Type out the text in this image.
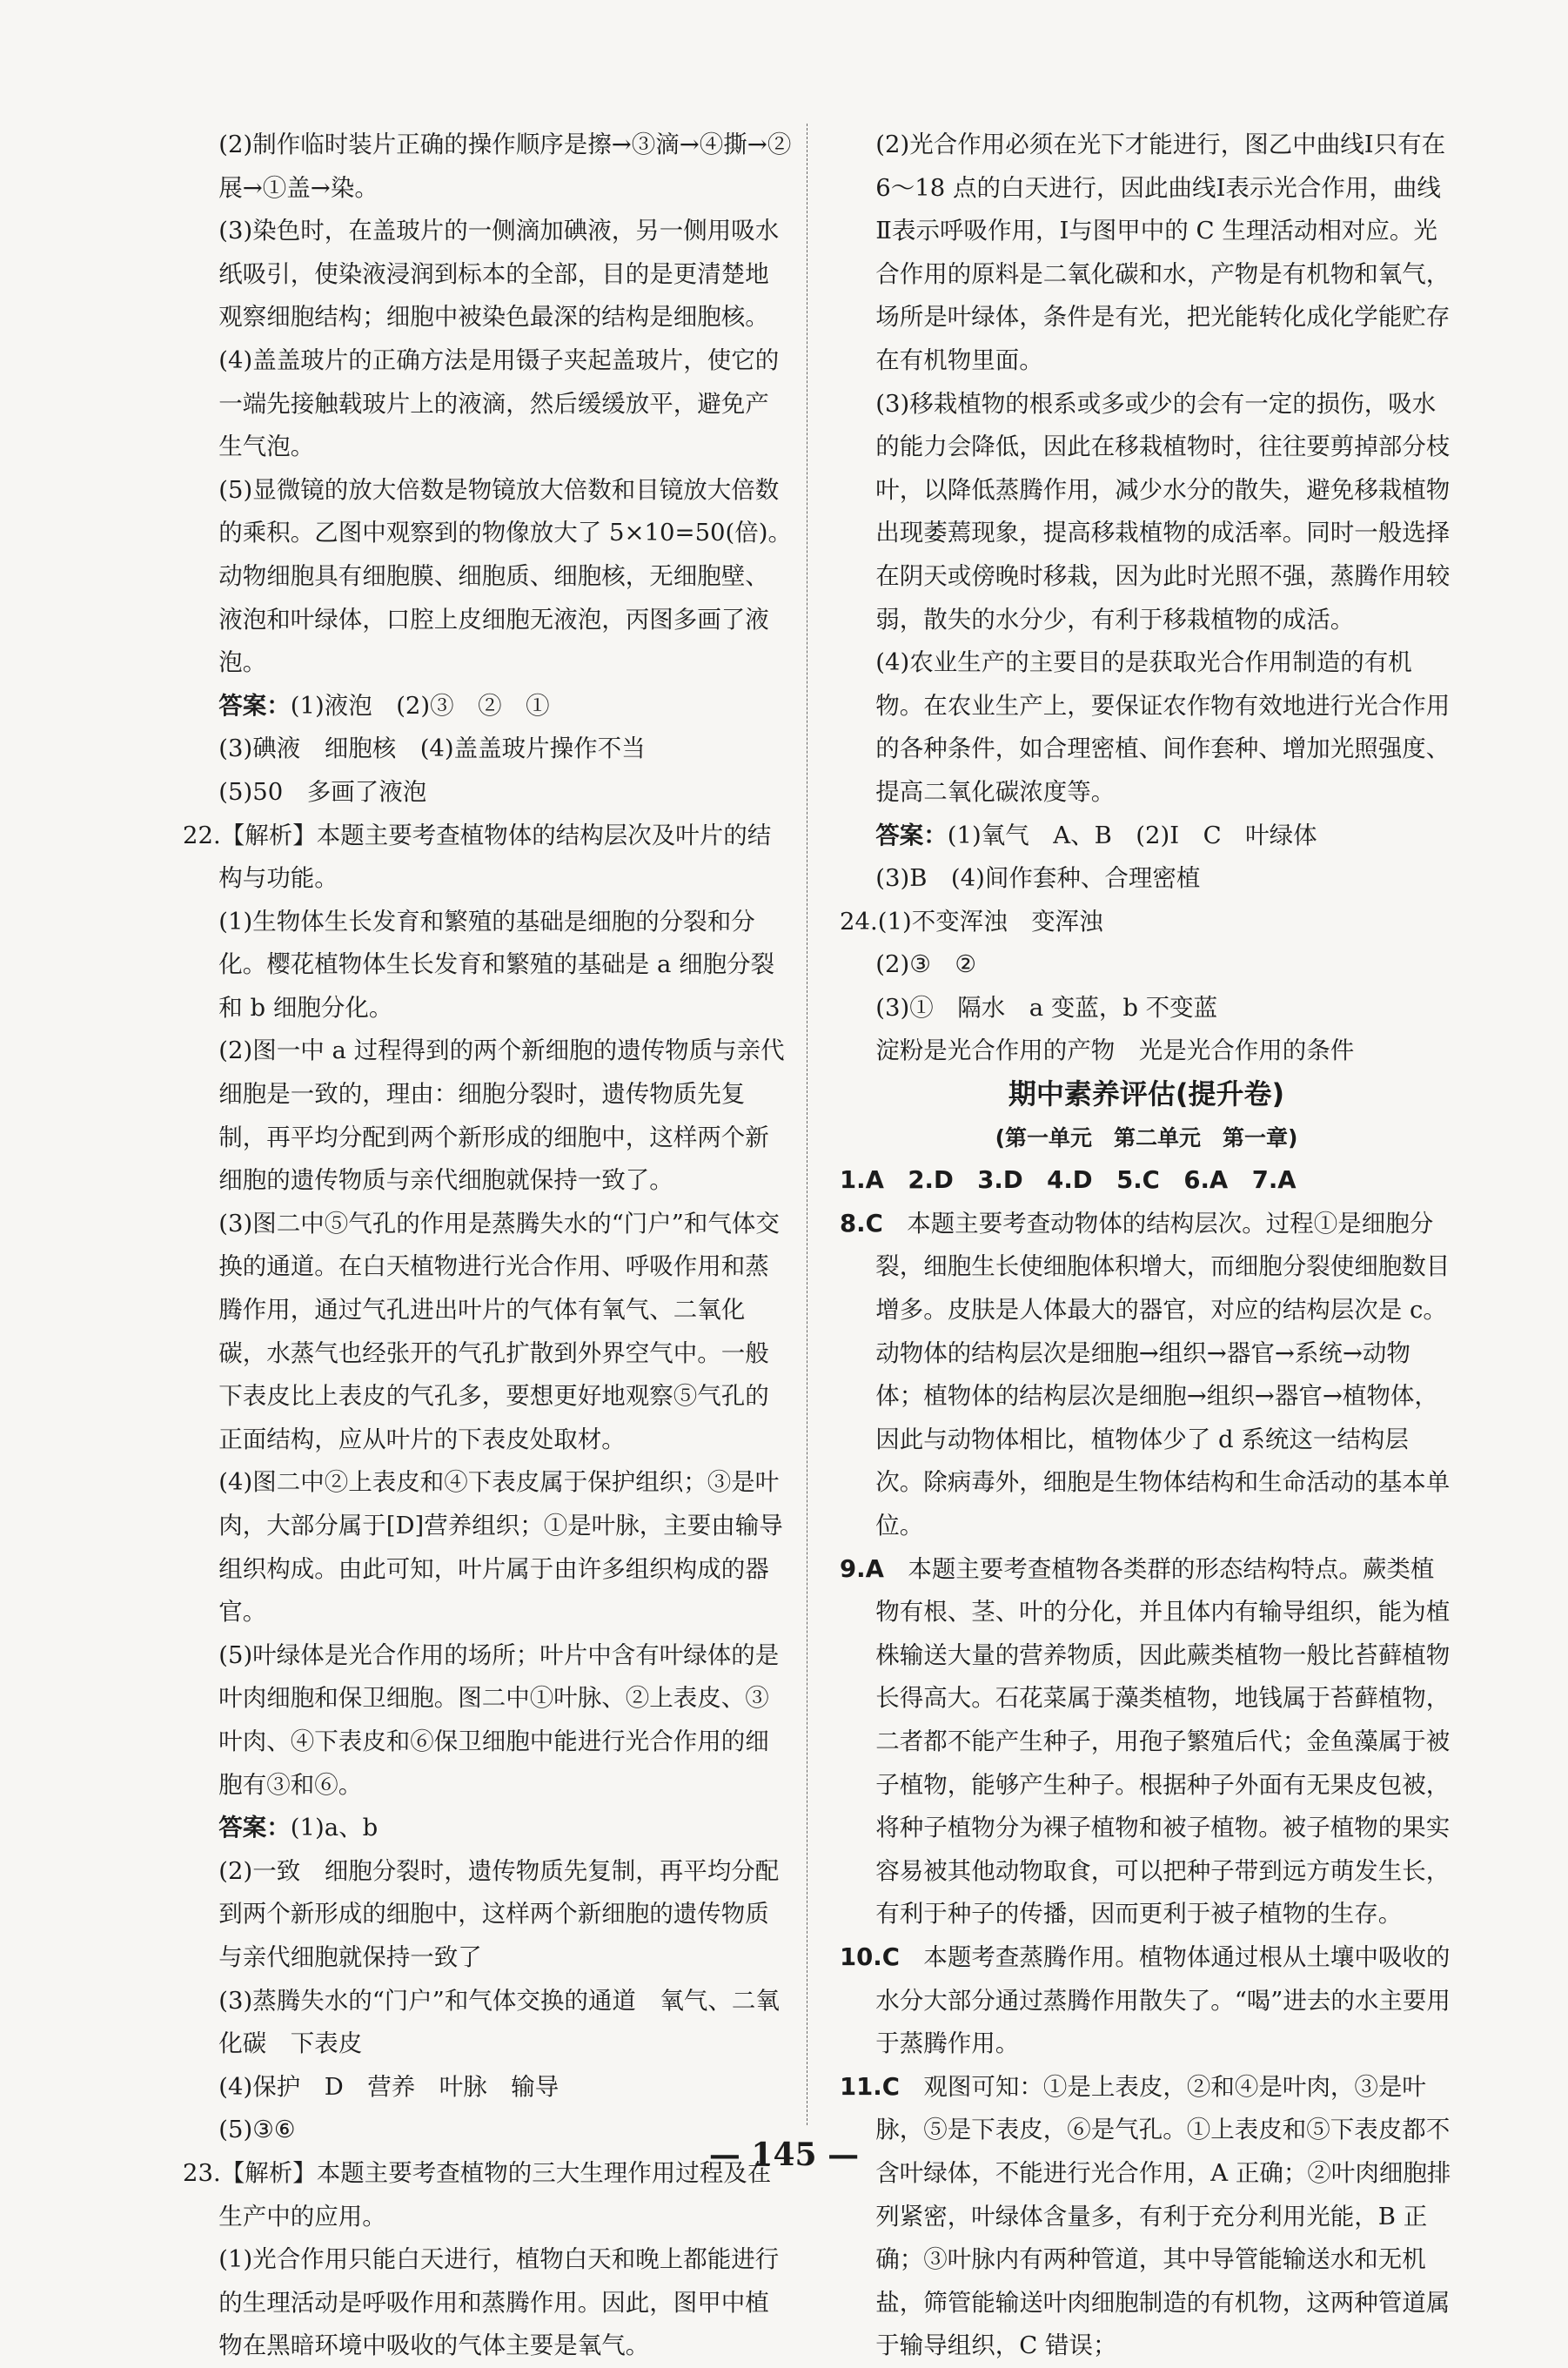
(2)制作临时装片正确的操作顺序是擦→③滴→④撕→②展→①盖→染。

(3)染色时，在盖玻片的一侧滴加碘液，另一侧用吸水纸吸引，使染液浸润到标本的全部，目的是更清楚地观察细胞结构；细胞中被染色最深的结构是细胞核。

(4)盖盖玻片的正确方法是用镊子夹起盖玻片，使它的一端先接触载玻片上的液滴，然后缓缓放平，避免产生气泡。

(5)显微镜的放大倍数是物镜放大倍数和目镜放大倍数的乘积。乙图中观察到的物像放大了 5×10=50(倍)。动物细胞具有细胞膜、细胞质、细胞核，无细胞壁、液泡和叶绿体，口腔上皮细胞无液泡，丙图多画了液泡。

答案：(1)液泡　(2)③　②　①

(3)碘液　细胞核　(4)盖盖玻片操作不当

(5)50　多画了液泡

22.【解析】本题主要考查植物体的结构层次及叶片的结构与功能。

(1)生物体生长发育和繁殖的基础是细胞的分裂和分化。樱花植物体生长发育和繁殖的基础是 a 细胞分裂和 b 细胞分化。

(2)图一中 a 过程得到的两个新细胞的遗传物质与亲代细胞是一致的，理由：细胞分裂时，遗传物质先复制，再平均分配到两个新形成的细胞中，这样两个新细胞的遗传物质与亲代细胞就保持一致了。

(3)图二中⑤气孔的作用是蒸腾失水的“门户”和气体交换的通道。在白天植物进行光合作用、呼吸作用和蒸腾作用，通过气孔进出叶片的气体有氧气、二氧化碳，水蒸气也经张开的气孔扩散到外界空气中。一般下表皮比上表皮的气孔多，要想更好地观察⑤气孔的正面结构，应从叶片的下表皮处取材。

(4)图二中②上表皮和④下表皮属于保护组织；③是叶肉，大部分属于[D]营养组织；①是叶脉，主要由输导组织构成。由此可知，叶片属于由许多组织构成的器官。

(5)叶绿体是光合作用的场所；叶片中含有叶绿体的是叶肉细胞和保卫细胞。图二中①叶脉、②上表皮、③叶肉、④下表皮和⑥保卫细胞中能进行光合作用的细胞有③和⑥。

答案：(1)a、b

(2)一致　细胞分裂时，遗传物质先复制，再平均分配到两个新形成的细胞中，这样两个新细胞的遗传物质与亲代细胞就保持一致了

(3)蒸腾失水的“门户”和气体交换的通道　氧气、二氧化碳　下表皮

(4)保护　D　营养　叶脉　输导

(5)③⑥

23.【解析】本题主要考查植物的三大生理作用过程及在生产中的应用。

(1)光合作用只能白天进行，植物白天和晚上都能进行的生理活动是呼吸作用和蒸腾作用。因此，图甲中植物在黑暗环境中吸收的气体主要是氧气。

(2)光合作用必须在光下才能进行，图乙中曲线Ⅰ只有在 6～18 点的白天进行，因此曲线Ⅰ表示光合作用，曲线Ⅱ表示呼吸作用，Ⅰ与图甲中的 C 生理活动相对应。光合作用的原料是二氧化碳和水，产物是有机物和氧气，场所是叶绿体，条件是有光，把光能转化成化学能贮存在有机物里面。

(3)移栽植物的根系或多或少的会有一定的损伤，吸水的能力会降低，因此在移栽植物时，往往要剪掉部分枝叶，以降低蒸腾作用，减少水分的散失，避免移栽植物出现萎蔫现象，提高移栽植物的成活率。同时一般选择在阴天或傍晚时移栽，因为此时光照不强，蒸腾作用较弱，散失的水分少，有利于移栽植物的成活。

(4)农业生产的主要目的是获取光合作用制造的有机物。在农业生产上，要保证农作物有效地进行光合作用的各种条件，如合理密植、间作套种、增加光照强度、提高二氧化碳浓度等。

答案：(1)氧气　A、B　(2)Ⅰ　C　叶绿体

(3)B　(4)间作套种、合理密植

24.(1)不变浑浊　变浑浊

(2)③　②

(3)①　隔水　a 变蓝，b 不变蓝

淀粉是光合作用的产物　光是光合作用的条件

期中素养评估(提升卷)

(第一单元　第二单元　第一章)

1.A　2.D　3.D　4.D　5.C　6.A　7.A

8.C　本题主要考查动物体的结构层次。过程①是细胞分裂，细胞生长使细胞体积增大，而细胞分裂使细胞数目增多。皮肤是人体最大的器官，对应的结构层次是 c。动物体的结构层次是细胞→组织→器官→系统→动物体；植物体的结构层次是细胞→组织→器官→植物体，因此与动物体相比，植物体少了 d 系统这一结构层次。除病毒外，细胞是生物体结构和生命活动的基本单位。

9.A　本题主要考查植物各类群的形态结构特点。蕨类植物有根、茎、叶的分化，并且体内有输导组织，能为植株输送大量的营养物质，因此蕨类植物一般比苔藓植物长得高大。石花菜属于藻类植物，地钱属于苔藓植物，二者都不能产生种子，用孢子繁殖后代；金鱼藻属于被子植物，能够产生种子。根据种子外面有无果皮包被，将种子植物分为裸子植物和被子植物。被子植物的果实容易被其他动物取食，可以把种子带到远方萌发生长，有利于种子的传播，因而更利于被子植物的生存。

10.C　本题考查蒸腾作用。植物体通过根从土壤中吸收的水分大部分通过蒸腾作用散失了。“喝”进去的水主要用于蒸腾作用。

11.C　观图可知：①是上表皮，②和④是叶肉，③是叶脉，⑤是下表皮，⑥是气孔。①上表皮和⑤下表皮都不含叶绿体，不能进行光合作用，A 正确；②叶肉细胞排列紧密，叶绿体含量多，有利于充分利用光能，B 正确；③叶脉内有两种管道，其中导管能输送水和无机盐，筛管能输送叶肉细胞制造的有机物，这两种管道属于输导组织，C 错误；

— 145 —
